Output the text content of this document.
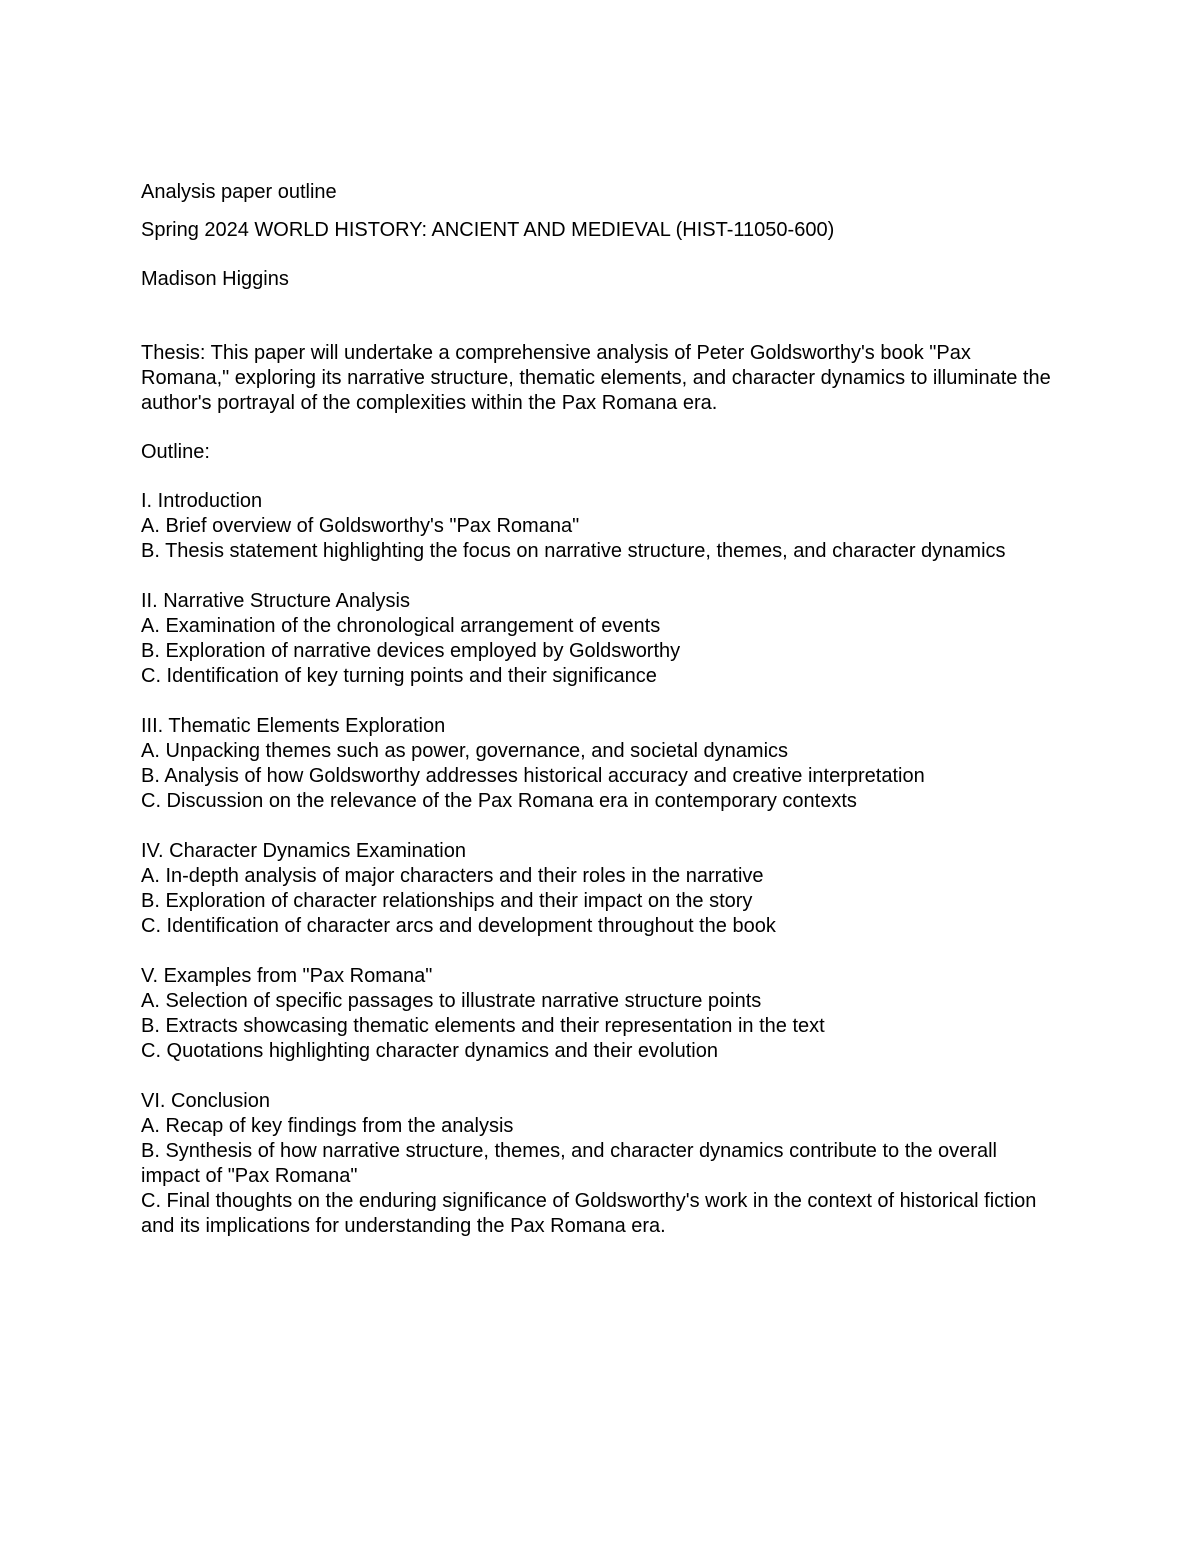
Analysis paper outline

Spring 2024 WORLD HISTORY: ANCIENT AND MEDIEVAL (HIST-11050-600)

Madison Higgins

Thesis: This paper will undertake a comprehensive analysis of Peter Goldsworthy's book "Pax Romana," exploring its narrative structure, thematic elements, and character dynamics to illuminate the author's portrayal of the complexities within the Pax Romana era.

Outline:

I. Introduction

A. Brief overview of Goldsworthy's "Pax Romana"

B. Thesis statement highlighting the focus on narrative structure, themes, and character dynamics

II. Narrative Structure Analysis

A. Examination of the chronological arrangement of events

B. Exploration of narrative devices employed by Goldsworthy

C. Identification of key turning points and their significance

III. Thematic Elements Exploration

A. Unpacking themes such as power, governance, and societal dynamics

B. Analysis of how Goldsworthy addresses historical accuracy and creative interpretation

C. Discussion on the relevance of the Pax Romana era in contemporary contexts

IV. Character Dynamics Examination

A. In-depth analysis of major characters and their roles in the narrative

B. Exploration of character relationships and their impact on the story

C. Identification of character arcs and development throughout the book

V. Examples from "Pax Romana"

A. Selection of specific passages to illustrate narrative structure points

B. Extracts showcasing thematic elements and their representation in the text

C. Quotations highlighting character dynamics and their evolution

VI. Conclusion

A. Recap of key findings from the analysis

B. Synthesis of how narrative structure, themes, and character dynamics contribute to the overall impact of "Pax Romana"

C. Final thoughts on the enduring significance of Goldsworthy's work in the context of historical fiction and its implications for understanding the Pax Romana era.
